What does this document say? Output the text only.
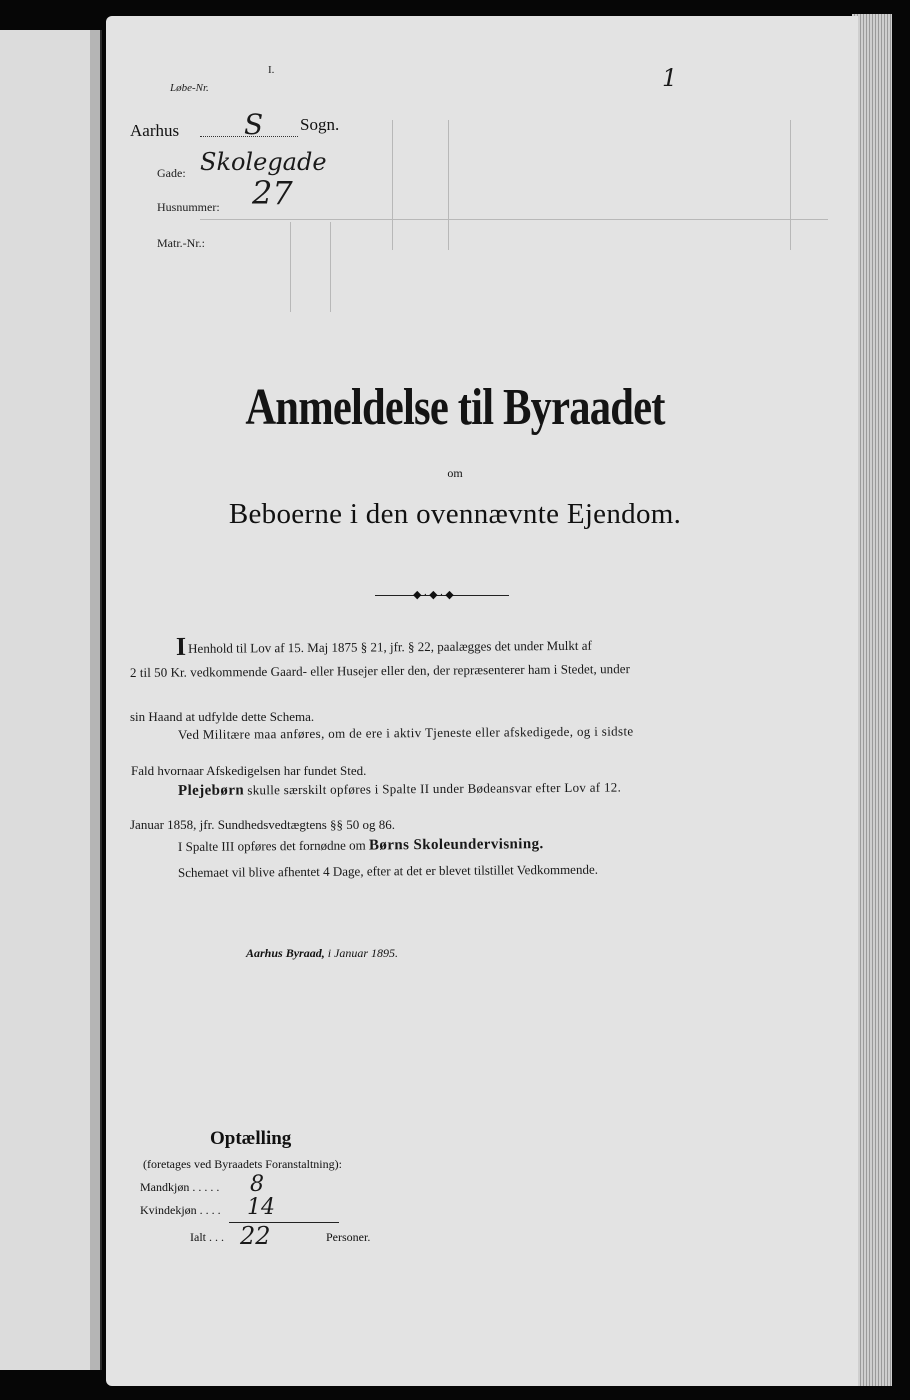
Løbe-Nr.
I.	1
Aarhus S Sogn.
Gade: Skolegade
Husnummer: 27
Matr.-Nr.:
Anmeldelse til Byraadet
om
Beboerne i den ovennævnte Ejendom.
◆·◆·◆
I Henhold til Lov af 15. Maj 1875 § 21, jfr. § 22, paalægges det under Mulkt af
2 til 50 Kr. vedkommende Gaard- eller Husejer eller den, der repræsenterer ham i Stedet, under
sin Haand at udfylde dette Schema.
Ved Militære maa anføres, om de ere i aktiv Tjeneste eller afskedigede, og i sidste
Fald hvornaar Afskedigelsen har fundet Sted.
Plejebørn skulle særskilt opføres i Spalte II under Bødeansvar efter Lov af 12.
Januar 1858, jfr. Sundhedsvedtægtens §§ 50 og 86.
I Spalte III opføres det fornødne om Børns Skoleundervisning.
Schemaet vil blive afhentet 4 Dage, efter at det er blevet tilstillet Vedkommende.
Aarhus Byraad, i Januar 1895.
Optælling
(foretages ved Byraadets Foranstaltning):
Mandkjøn . . . . . 8
Kvindekjøn . . . . 14
Ialt . . . 22	Personer.
